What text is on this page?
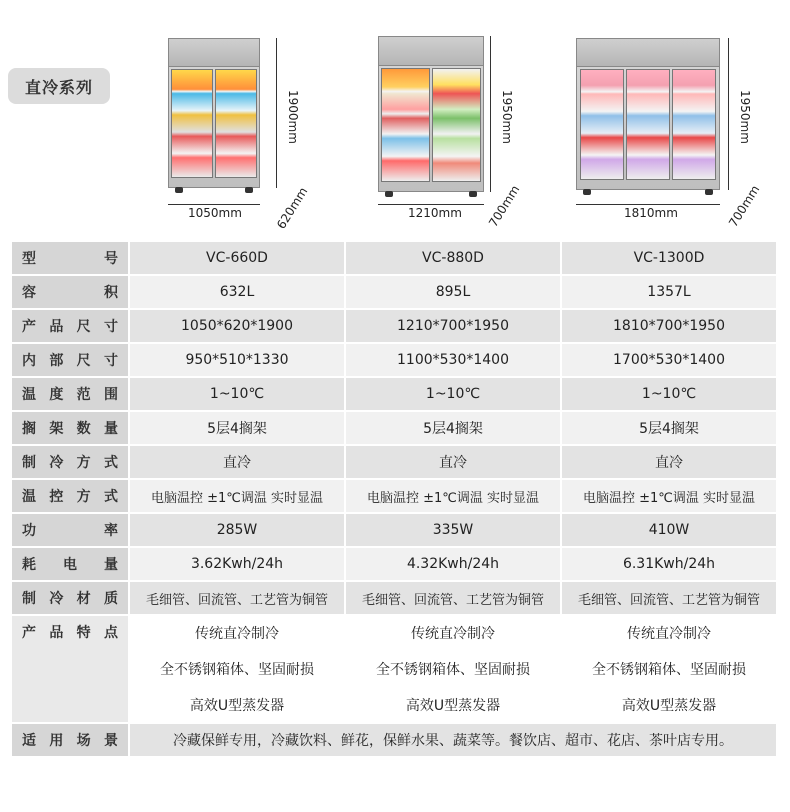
直冷系列
1900mm
1050mm	620mm
1950mm
1210mm 700mm
1950mm
1810mm	700mm
型　号	VC-660D	VC-880D	VC-1300D

容　积	632L	895L	1357L

产品尺寸	1050*620*1900	1210*700*1950	1810*700*1950

内部尺寸	950*510*1330	1100*530*1400	1700*530*1400

温度范围	1~10℃	1~10℃	1~10℃

搁架数量	5层4搁架	5层4搁架	5层4搁架

制冷方式	直冷	直冷	直冷

温控方式	电脑温控 ±1℃调温 实时显温	电脑温控 ±1℃调温 实时显温	电脑温控 ±1℃调温 实时显温

功　率	285W	335W	410W

耗电量	3.62Kwh/24h	4.32Kwh/24h	6.31Kwh/24h

制冷材质	毛细管、回流管、工艺管为铜管	毛细管、回流管、工艺管为铜管	毛细管、回流管、工艺管为铜管

产品特点	传统直冷制冷	传统直冷制冷	传统直冷制冷
	全不锈钢箱体、坚固耐损	全不锈钢箱体、坚固耐损	全不锈钢箱体、坚固耐损
	高效U型蒸发器	高效U型蒸发器	高效U型蒸发器

适用场景	冷藏保鲜专用，冷藏饮料、鲜花，保鲜水果、蔬菜等。餐饮店、超市、花店、茶叶店专用。		
